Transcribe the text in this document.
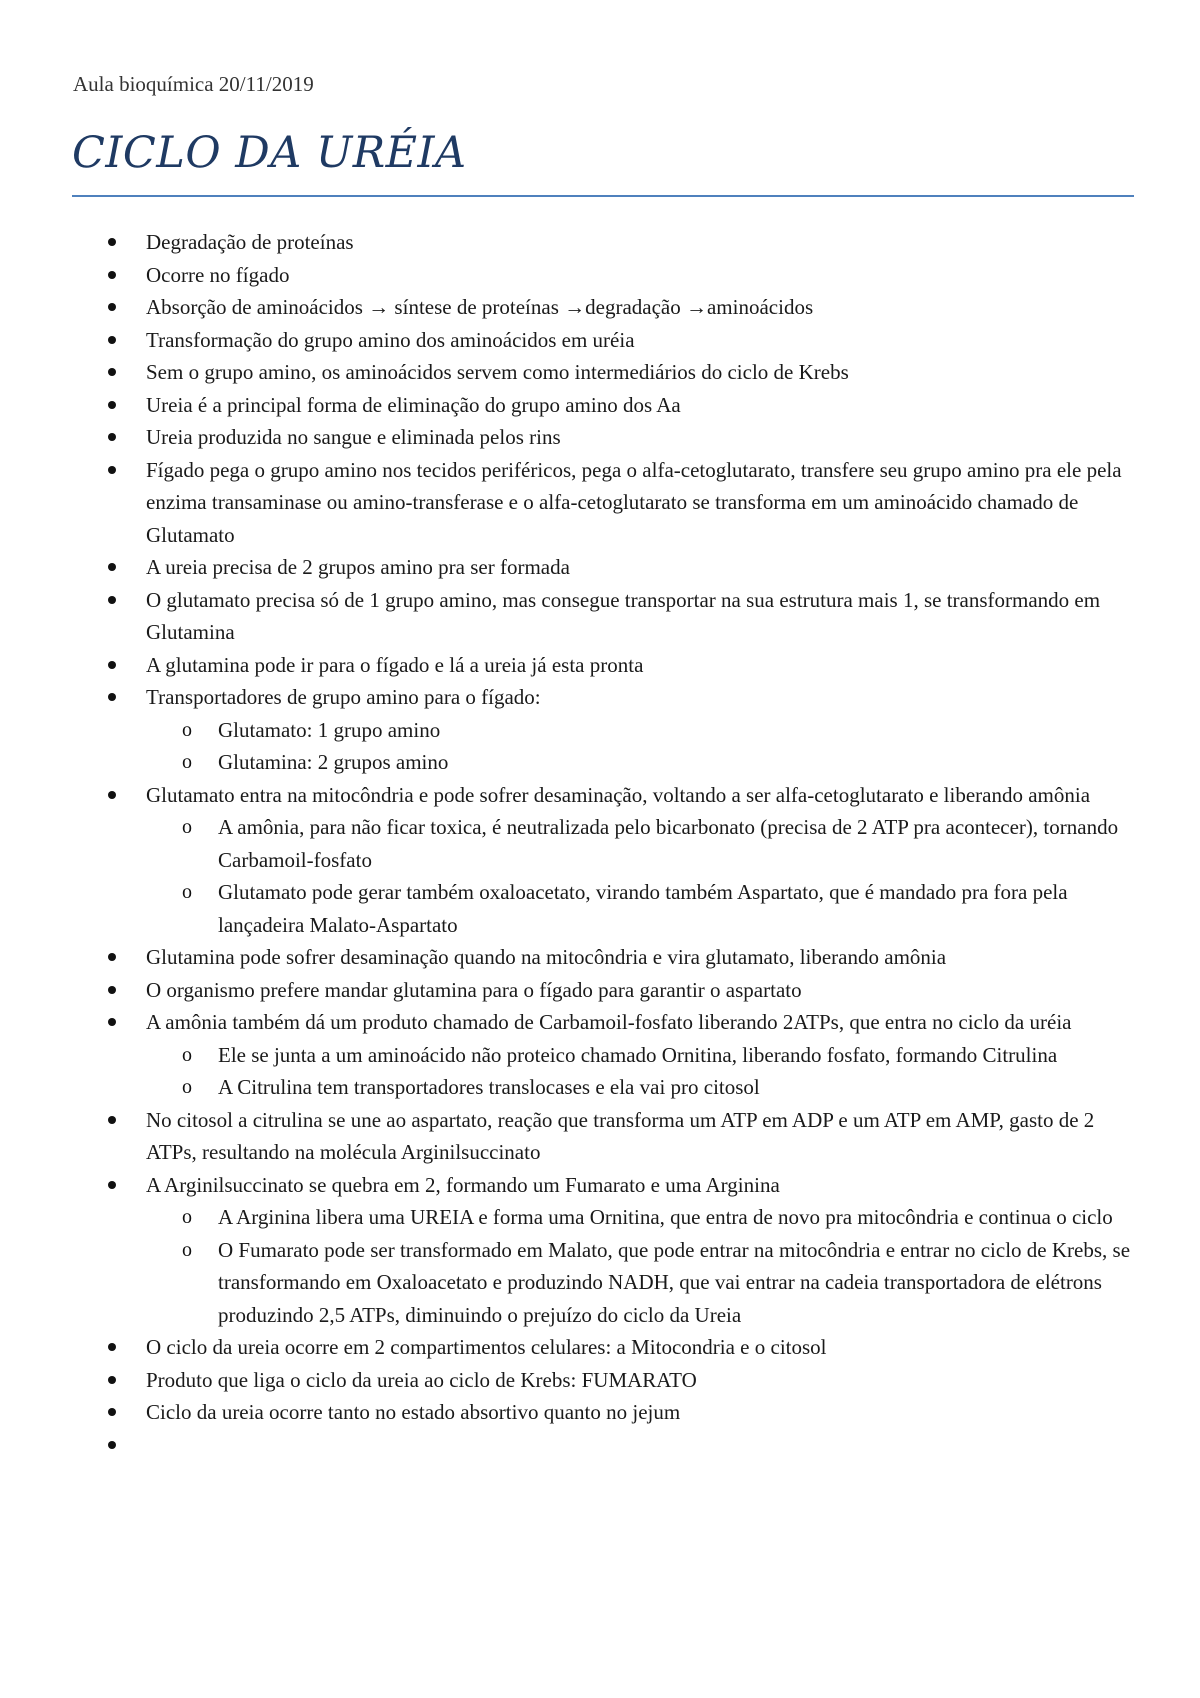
Aula bioquímica 20/11/2019
CICLO DA URÉIA
Degradação de proteínas
Ocorre no fígado
Absorção de aminoácidos → síntese de proteínas →degradação →aminoácidos
Transformação do grupo amino dos aminoácidos em uréia
Sem o grupo amino, os aminoácidos servem como intermediários do ciclo de Krebs
Ureia é a principal forma de eliminação do grupo amino dos Aa
Ureia produzida no sangue e eliminada pelos rins
Fígado pega o grupo amino nos tecidos periféricos, pega o alfa-cetoglutarato, transfere seu grupo amino pra ele pela enzima transaminase ou amino-transferase e o alfa-cetoglutarato se transforma em um aminoácido chamado de Glutamato
A ureia precisa de 2 grupos amino pra ser formada
O glutamato precisa só de 1 grupo amino, mas consegue transportar na sua estrutura mais 1, se transformando em Glutamina
A glutamina pode ir para o fígado e lá a ureia já esta pronta
Transportadores de grupo amino para o fígado:
o Glutamato: 1 grupo amino
o Glutamina: 2 grupos amino
Glutamato entra na mitocôndria e pode sofrer desaminação, voltando a ser alfa-cetoglutarato e liberando amônia
o A amônia, para não ficar toxica, é neutralizada pelo bicarbonato (precisa de 2 ATP pra acontecer), tornando Carbamoil-fosfato
o Glutamato pode gerar também oxaloacetato, virando também Aspartato, que é mandado pra fora pela lançadeira Malato-Aspartato
Glutamina pode sofrer desaminação quando na mitocôndria e vira glutamato, liberando amônia
O organismo prefere mandar glutamina para o fígado para garantir o aspartato
A amônia também dá um produto chamado de Carbamoil-fosfato liberando 2ATPs, que entra no ciclo da uréia
o Ele se junta a um aminoácido não proteico chamado Ornitina, liberando fosfato, formando Citrulina
o A Citrulina tem transportadores translocases e ela vai pro citosol
No citosol a citrulina se une ao aspartato, reação que transforma um ATP em ADP e um ATP em AMP, gasto de 2 ATPs, resultando na molécula Arginilsuccinato
A Arginilsuccinato se quebra em 2, formando um Fumarato e uma Arginina
o A Arginina libera uma UREIA e forma uma Ornitina, que entra de novo pra mitocôndria e continua o ciclo
o O Fumarato pode ser transformado em Malato, que pode entrar na mitocôndria e entrar no ciclo de Krebs, se transformando em Oxaloacetato e produzindo NADH, que vai entrar na cadeia transportadora de elétrons produzindo 2,5 ATPs, diminuindo o prejuízo do ciclo da Ureia
O ciclo da ureia ocorre em 2 compartimentos celulares: a Mitocondria e o citosol
Produto que liga o ciclo da ureia ao ciclo de Krebs: FUMARATO
Ciclo da ureia ocorre tanto no estado absortivo quanto no jejum
